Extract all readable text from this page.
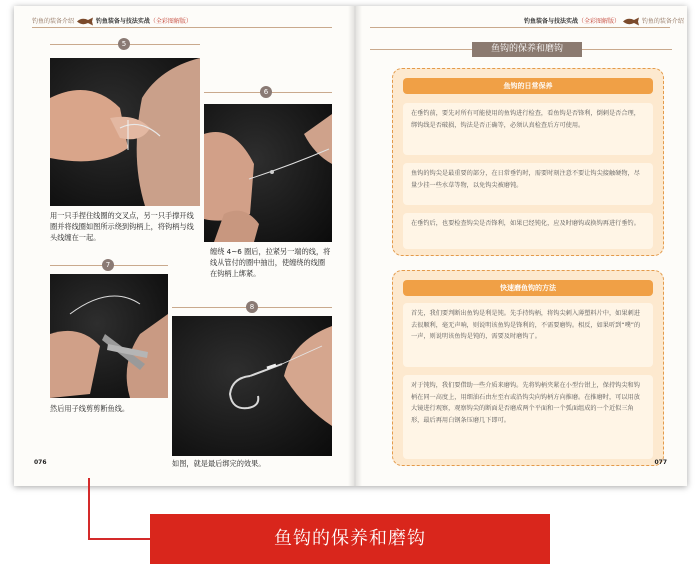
钓鱼的装备介绍	钓鱼装备与技法实战（全彩图解版）
5
用一只手捏住线圈的交叉点，另一只手撑开线圈并将线圈如图所示绕到钩柄上，将钩柄与线头线缠在一起。
6
缠绕 4~6 圈后，拉紧另一端的线，将线从管付的圈中抽出，使缠绕的线圈在钩柄上绑紧。
7
然后用子线剪剪断鱼线。
8
如图，就是最后绑完的效果。
076
钓鱼装备与技法实战（全彩图解版）	钓鱼的装备介绍
鱼钩的保养和磨钩
鱼钩的日常保养
在垂钓前，要先对所有可能使用的鱼钩进行检查，看鱼钩是否锋利，倒刺是否合理，绑钩线是否破损，钩法是否正确等，必须认真检查后方可使用。
鱼钩的钩尖是最重要的部分，在日常垂钓时，需要时刻注意不要让钩尖接触硬物，尽量少挂一些水草等物，以免钩尖被磨钝。
在垂钓后，也要检查钩尖是否锋利，如果已经钝化，应及时磨钩或换钩再进行垂钓。
快速磨鱼钩的方法
首先，我们要判断出鱼钩是利是钝。先手持钩柄，将钩尖刺入薄塑料片中，如果刺进去很顺利，毫无声响，则说明该鱼钩是锋利的，不需要磨钩。相反，如果听到“噗”的一声，则说明该鱼钩是钝的，需要及时磨钩了。
对于钝钩，我们要借助一些介质来磨钩。先将钩柄夹紧在小型台钳上，保持钩尖和钩柄在同一高度上，用细油石由左至右或沿钩尖向钩柄方向推磨。在推磨时，可以用放大镜进行观察，观察钩尖的断面是否磨成两个平面和一个弧面组成的一个近似三角形，最后再用白钢条压磨几下即可。
077
鱼钩的保养和磨钩
